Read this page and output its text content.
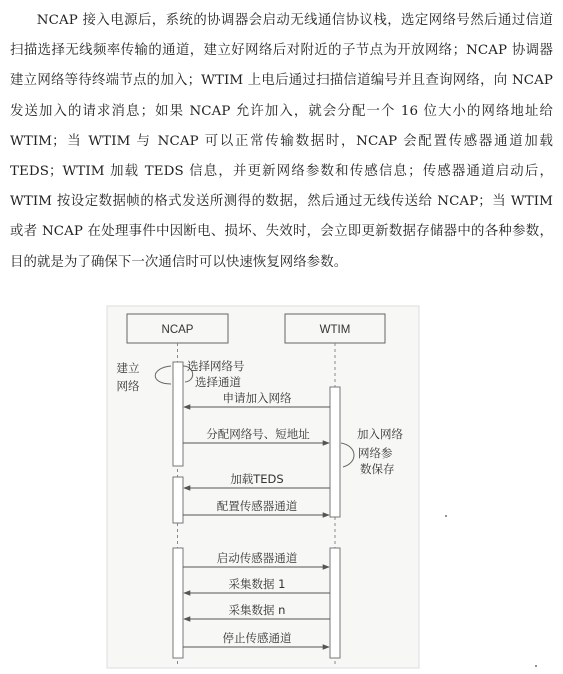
NCAP 接入电源后，系统的协调器会启动无线通信协议栈，选定网络号然后通过信道扫描选择无线频率传输的通道，建立好网络后对附近的子节点为开放网络；NCAP 协调器建立网络等待终端节点的加入；WTIM 上电后通过扫描信道编号并且查询网络，向 NCAP 发送加入的请求消息；如果 NCAP 允许加入，就会分配一个 16 位大小的网络地址给 WTIM；当 WTIM 与 NCAP 可以正常传输数据时，NCAP 会配置传感器通道加载 TEDS；WTIM 加载 TEDS 信息，并更新网络参数和传感信息；传感器通道启动后，WTIM 按设定数据帧的格式发送所测得的数据，然后通过无线传送给 NCAP；当 WTIM 或者 NCAP 在处理事件中因断电、损坏、失效时，会立即更新数据存储器中的各种参数，目的就是为了确保下一次通信时可以快速恢复网络参数。

NCAP	WTIM
建立
网络
选择网络号
选择通道
加入网络
网络参
数保存
申请加入网络
分配网络号、短地址
加载TEDS
配置传感器通道
启动传感器通道
采集数据 1
采集数据 n
停止传感通道
